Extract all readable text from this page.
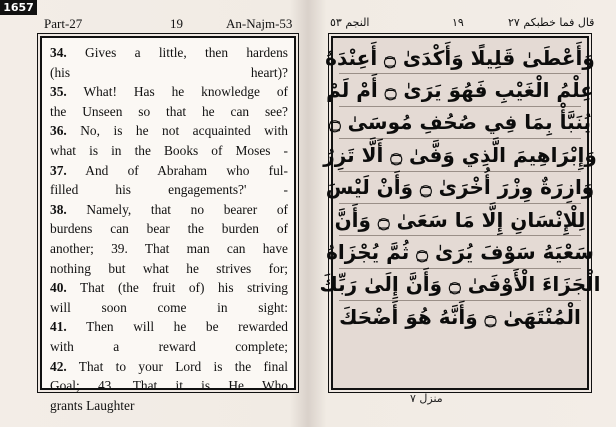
1657
Part-27	19	An-Najm-53	النجم ٥٣	١٩	قال فما خطبكم ٢٧
34. Gives a little, then hardens
(his heart)?
35. What! Has he knowledge of
the Unseen so that he can see?
36. No, is he not acquainted with
what is in the Books of Moses -
37. And of Abraham who ful-
filled his engagements?' -
38. Namely, that no bearer of
burdens can bear the burden of
another; 39. That man can have
nothing but what he strives for;
40. That (the fruit of) his striving
will soon come in sight:
41. Then will he be rewarded
with a reward complete;
42. That to your Lord is the final
Goal; 43. That it is He Who
grants Laughter
وَأَعْطَىٰ قَلِيلًا وَأَكْدَىٰ ۝ أَعِنْدَهُ
عِلْمُ الْغَيْبِ فَهُوَ يَرَىٰ ۝ أَمْ لَمْ
يُنَبَّأْ بِمَا فِي صُحُفِ مُوسَىٰ ۝
وَإِبْرَاهِيمَ الَّذِي وَفَّىٰ ۝ أَلَّا تَزِرُ
وَازِرَةٌ وِزْرَ أُخْرَىٰ ۝ وَأَنْ لَيْسَ
لِلْإِنْسَانِ إِلَّا مَا سَعَىٰ ۝ وَأَنَّ
سَعْيَهُ سَوْفَ يُرَىٰ ۝ ثُمَّ يُجْزَاهُ
الْجَزَاءَ الْأَوْفَىٰ ۝ وَأَنَّ إِلَىٰ رَبِّكَ
الْمُنْتَهَىٰ ۝ وَأَنَّهُ هُوَ أَضْحَكَ
منزل ٧
